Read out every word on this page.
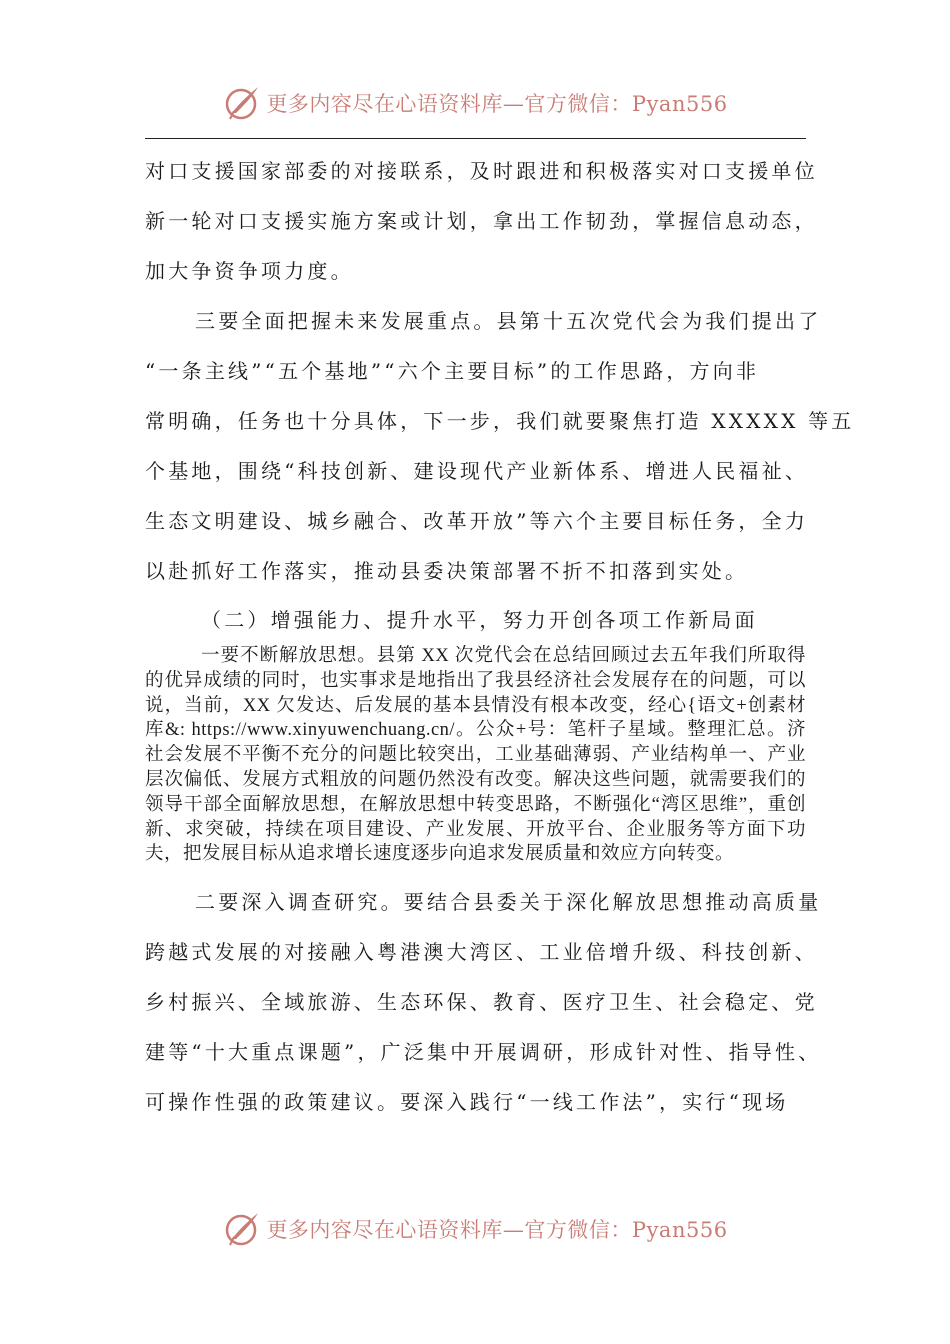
更多内容尽在心语资料库—官方微信：Pyan556

对口支援国家部委的对接联系，及时跟进和积极落实对口支援单位

新一轮对口支援实施方案或计划，拿出工作韧劲，掌握信息动态，

加大争资争项力度。

三要全面把握未来发展重点。县第十五次党代会为我们提出了

“一条主线”“五个基地”“六个主要目标”的工作思路，方向非

常明确，任务也十分具体，下一步，我们就要聚焦打造 XXXXX 等五

个基地，围绕“科技创新、建设现代产业新体系、增进人民福祉、

生态文明建设、城乡融合、改革开放”等六个主要目标任务，全力

以赴抓好工作落实，推动县委决策部署不折不扣落到实处。

（二）增强能力、提升水平，努力开创各项工作新局面

一要不断解放思想。县第 XX 次党代会在总结回顾过去五年我们所取得的优异成绩的同时，也实事求是地指出了我县经济社会发展存在的问题，可以说，当前，XX 欠发达、后发展的基本县情没有根本改变，经心{语文+创素材库&: https://www.xinyuwenchuang.cn/。公众+号：笔杆子星域。整理汇总。济社会发展不平衡不充分的问题比较突出，工业基础薄弱、产业结构单一、产业层次偏低、发展方式粗放的问题仍然没有改变。解决这些问题，就需要我们的领导干部全面解放思想，在解放思想中转变思路，不断强化“湾区思维”，重创新、求突破，持续在项目建设、产业发展、开放平台、企业服务等方面下功夫，把发展目标从追求增长速度逐步向追求发展质量和效应方向转变。

二要深入调查研究。要结合县委关于深化解放思想推动高质量

跨越式发展的对接融入粤港澳大湾区、工业倍增升级、科技创新、

乡村振兴、全域旅游、生态环保、教育、医疗卫生、社会稳定、党

建等“十大重点课题”，广泛集中开展调研，形成针对性、指导性、

可操作性强的政策建议。要深入践行“一线工作法”，实行“现场

更多内容尽在心语资料库—官方微信：Pyan556
